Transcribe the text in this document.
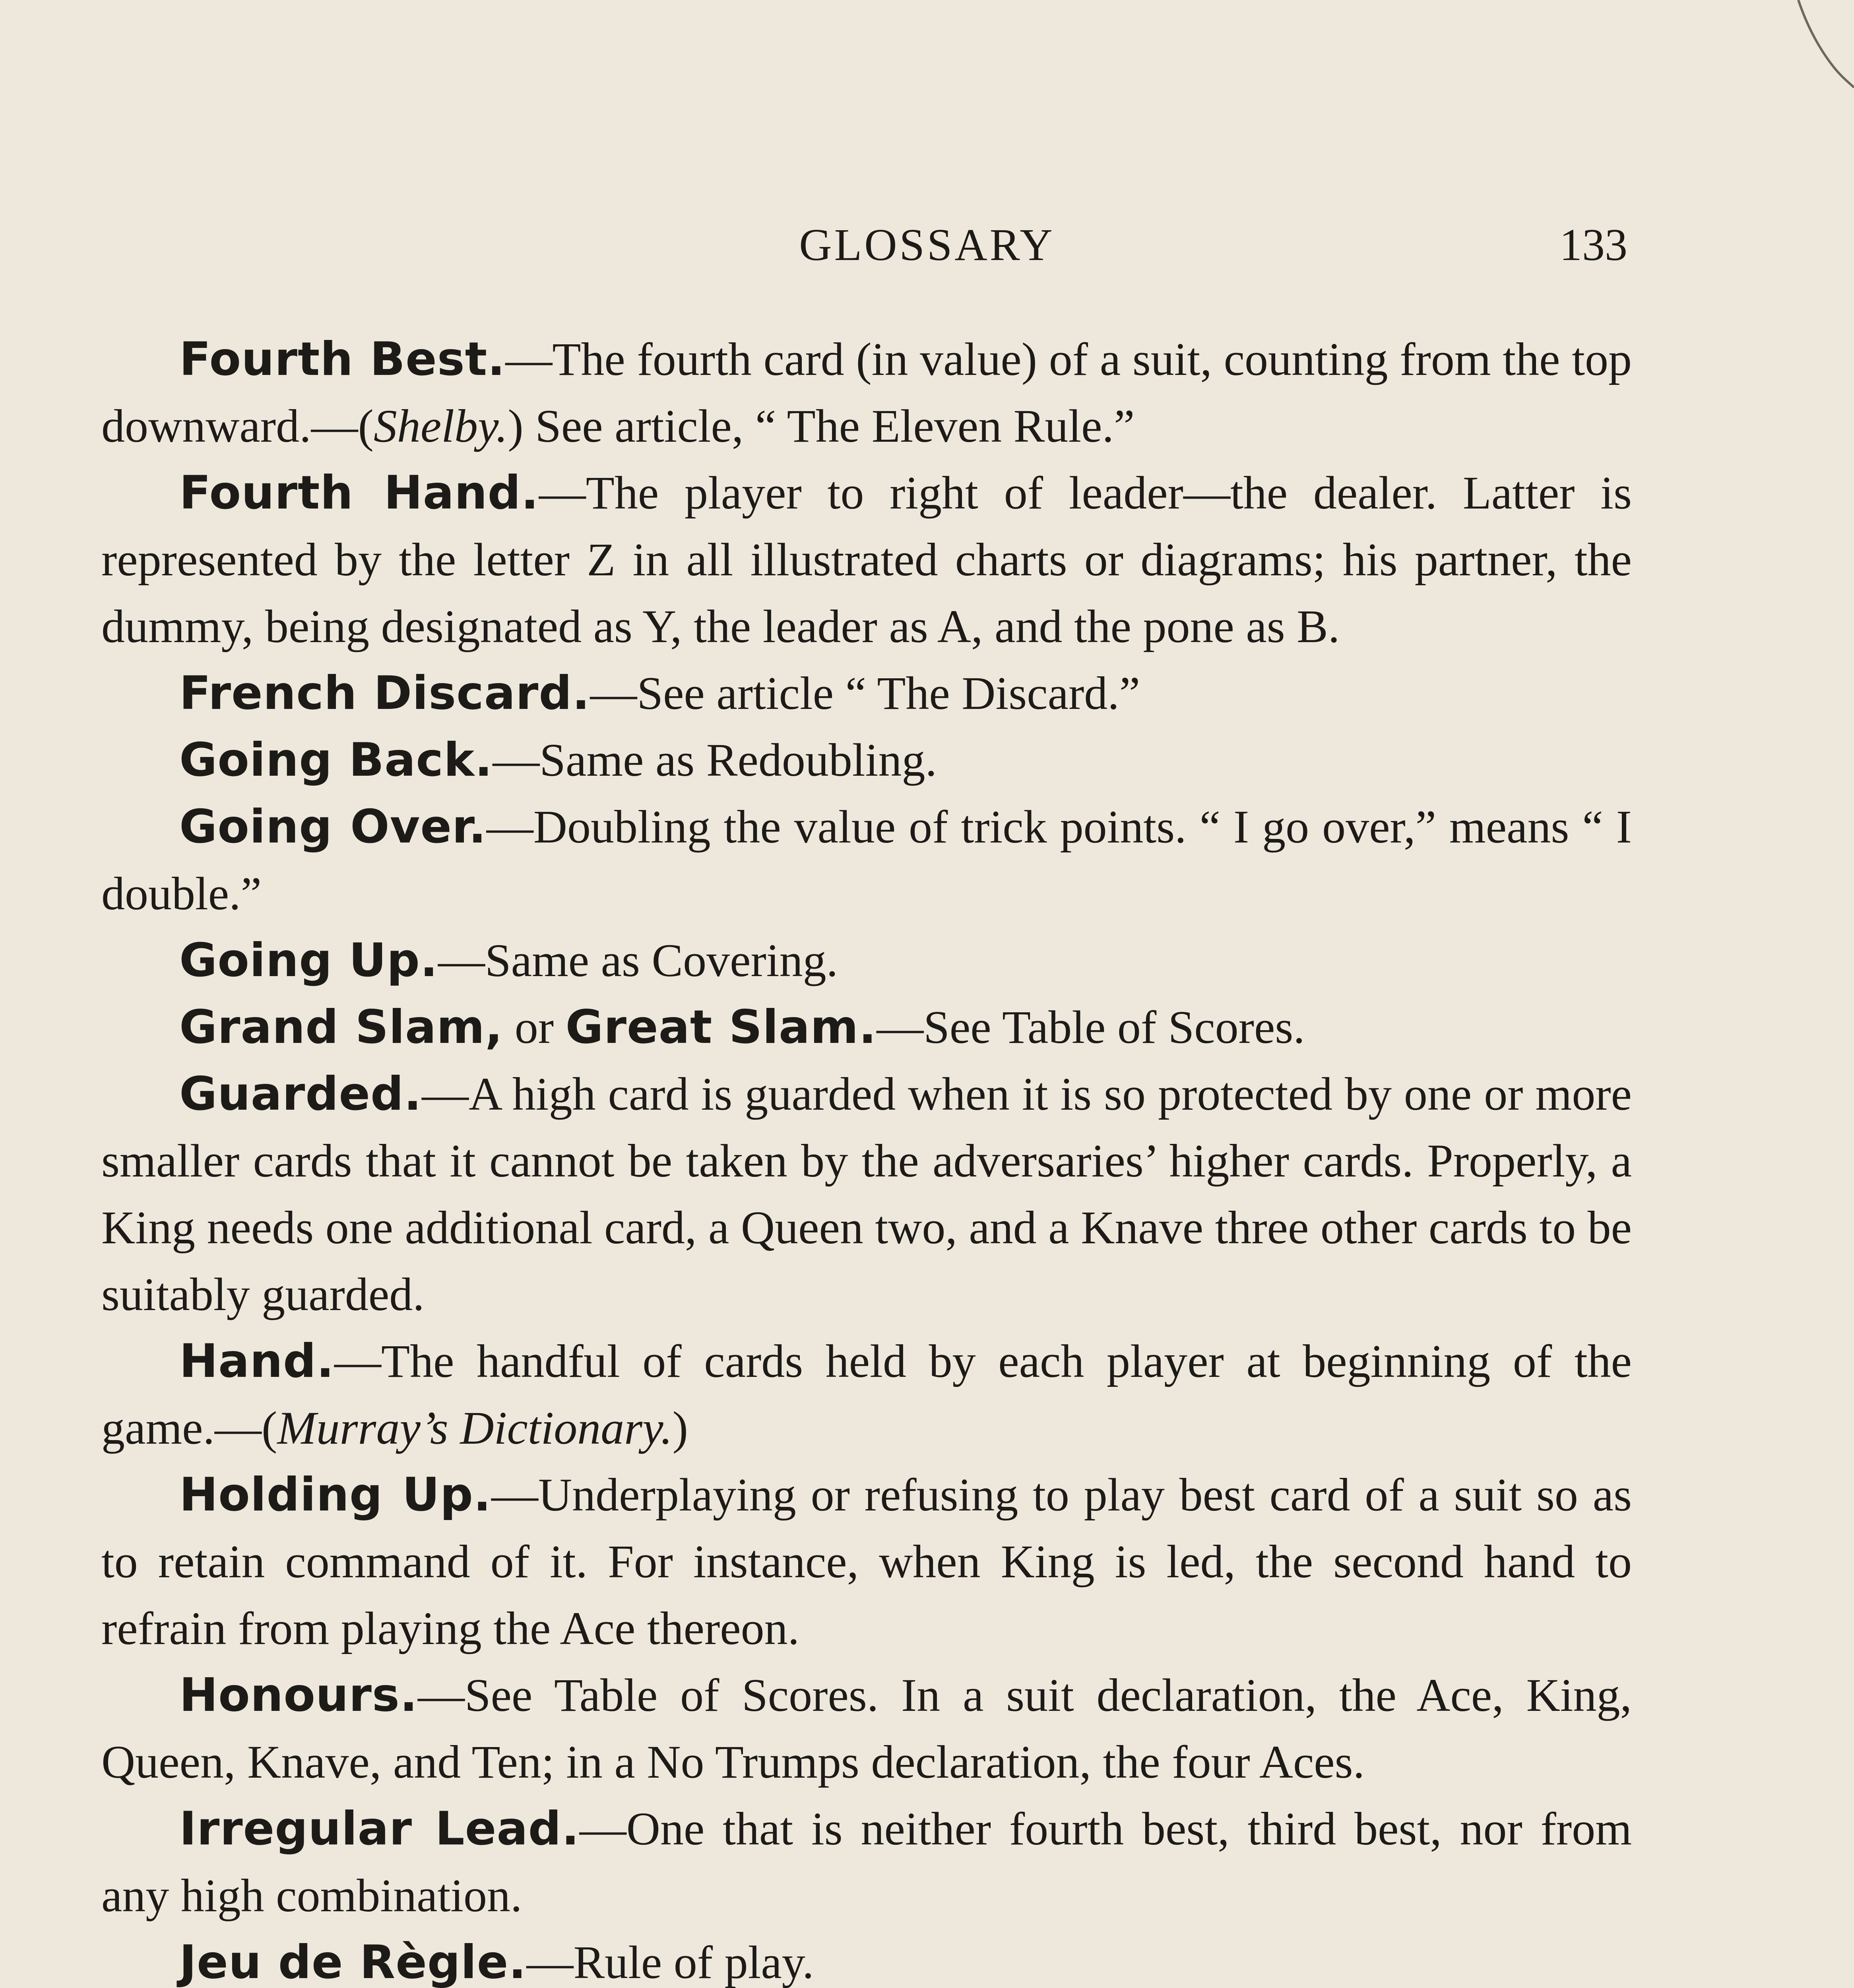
GLOSSARY	133

Fourth Best.—The fourth card (in value) of a suit, counting from the top downward.—(Shelby.) See article, “ The Eleven Rule.”

Fourth Hand.—The player to right of leader—the dealer. Latter is represented by the letter Z in all illustrated charts or diagrams; his partner, the dummy, being designated as Y, the leader as A, and the pone as B.

French Discard.—See article “ The Discard.”

Going Back.—Same as Redoubling.

Going Over.—Doubling the value of trick points. “ I go over,” means “ I double.”

Going Up.—Same as Covering.

Grand Slam, or Great Slam.—See Table of Scores.

Guarded.—A high card is guarded when it is so protected by one or more smaller cards that it cannot be taken by the adversaries’ higher cards. Properly, a King needs one additional card, a Queen two, and a Knave three other cards to be suitably guarded.

Hand.—The handful of cards held by each player at beginning of the game.—(Murray’s Dictionary.)

Holding Up.—Underplaying or refusing to play best card of a suit so as to retain command of it. For instance, when King is led, the second hand to refrain from playing the Ace thereon.

Honours.—See Table of Scores. In a suit declaration, the Ace, King, Queen, Knave, and Ten; in a No Trumps declaration, the four Aces.

Irregular Lead.—One that is neither fourth best, third best, nor from any high combination.

Jeu de Règle.—Rule of play.
